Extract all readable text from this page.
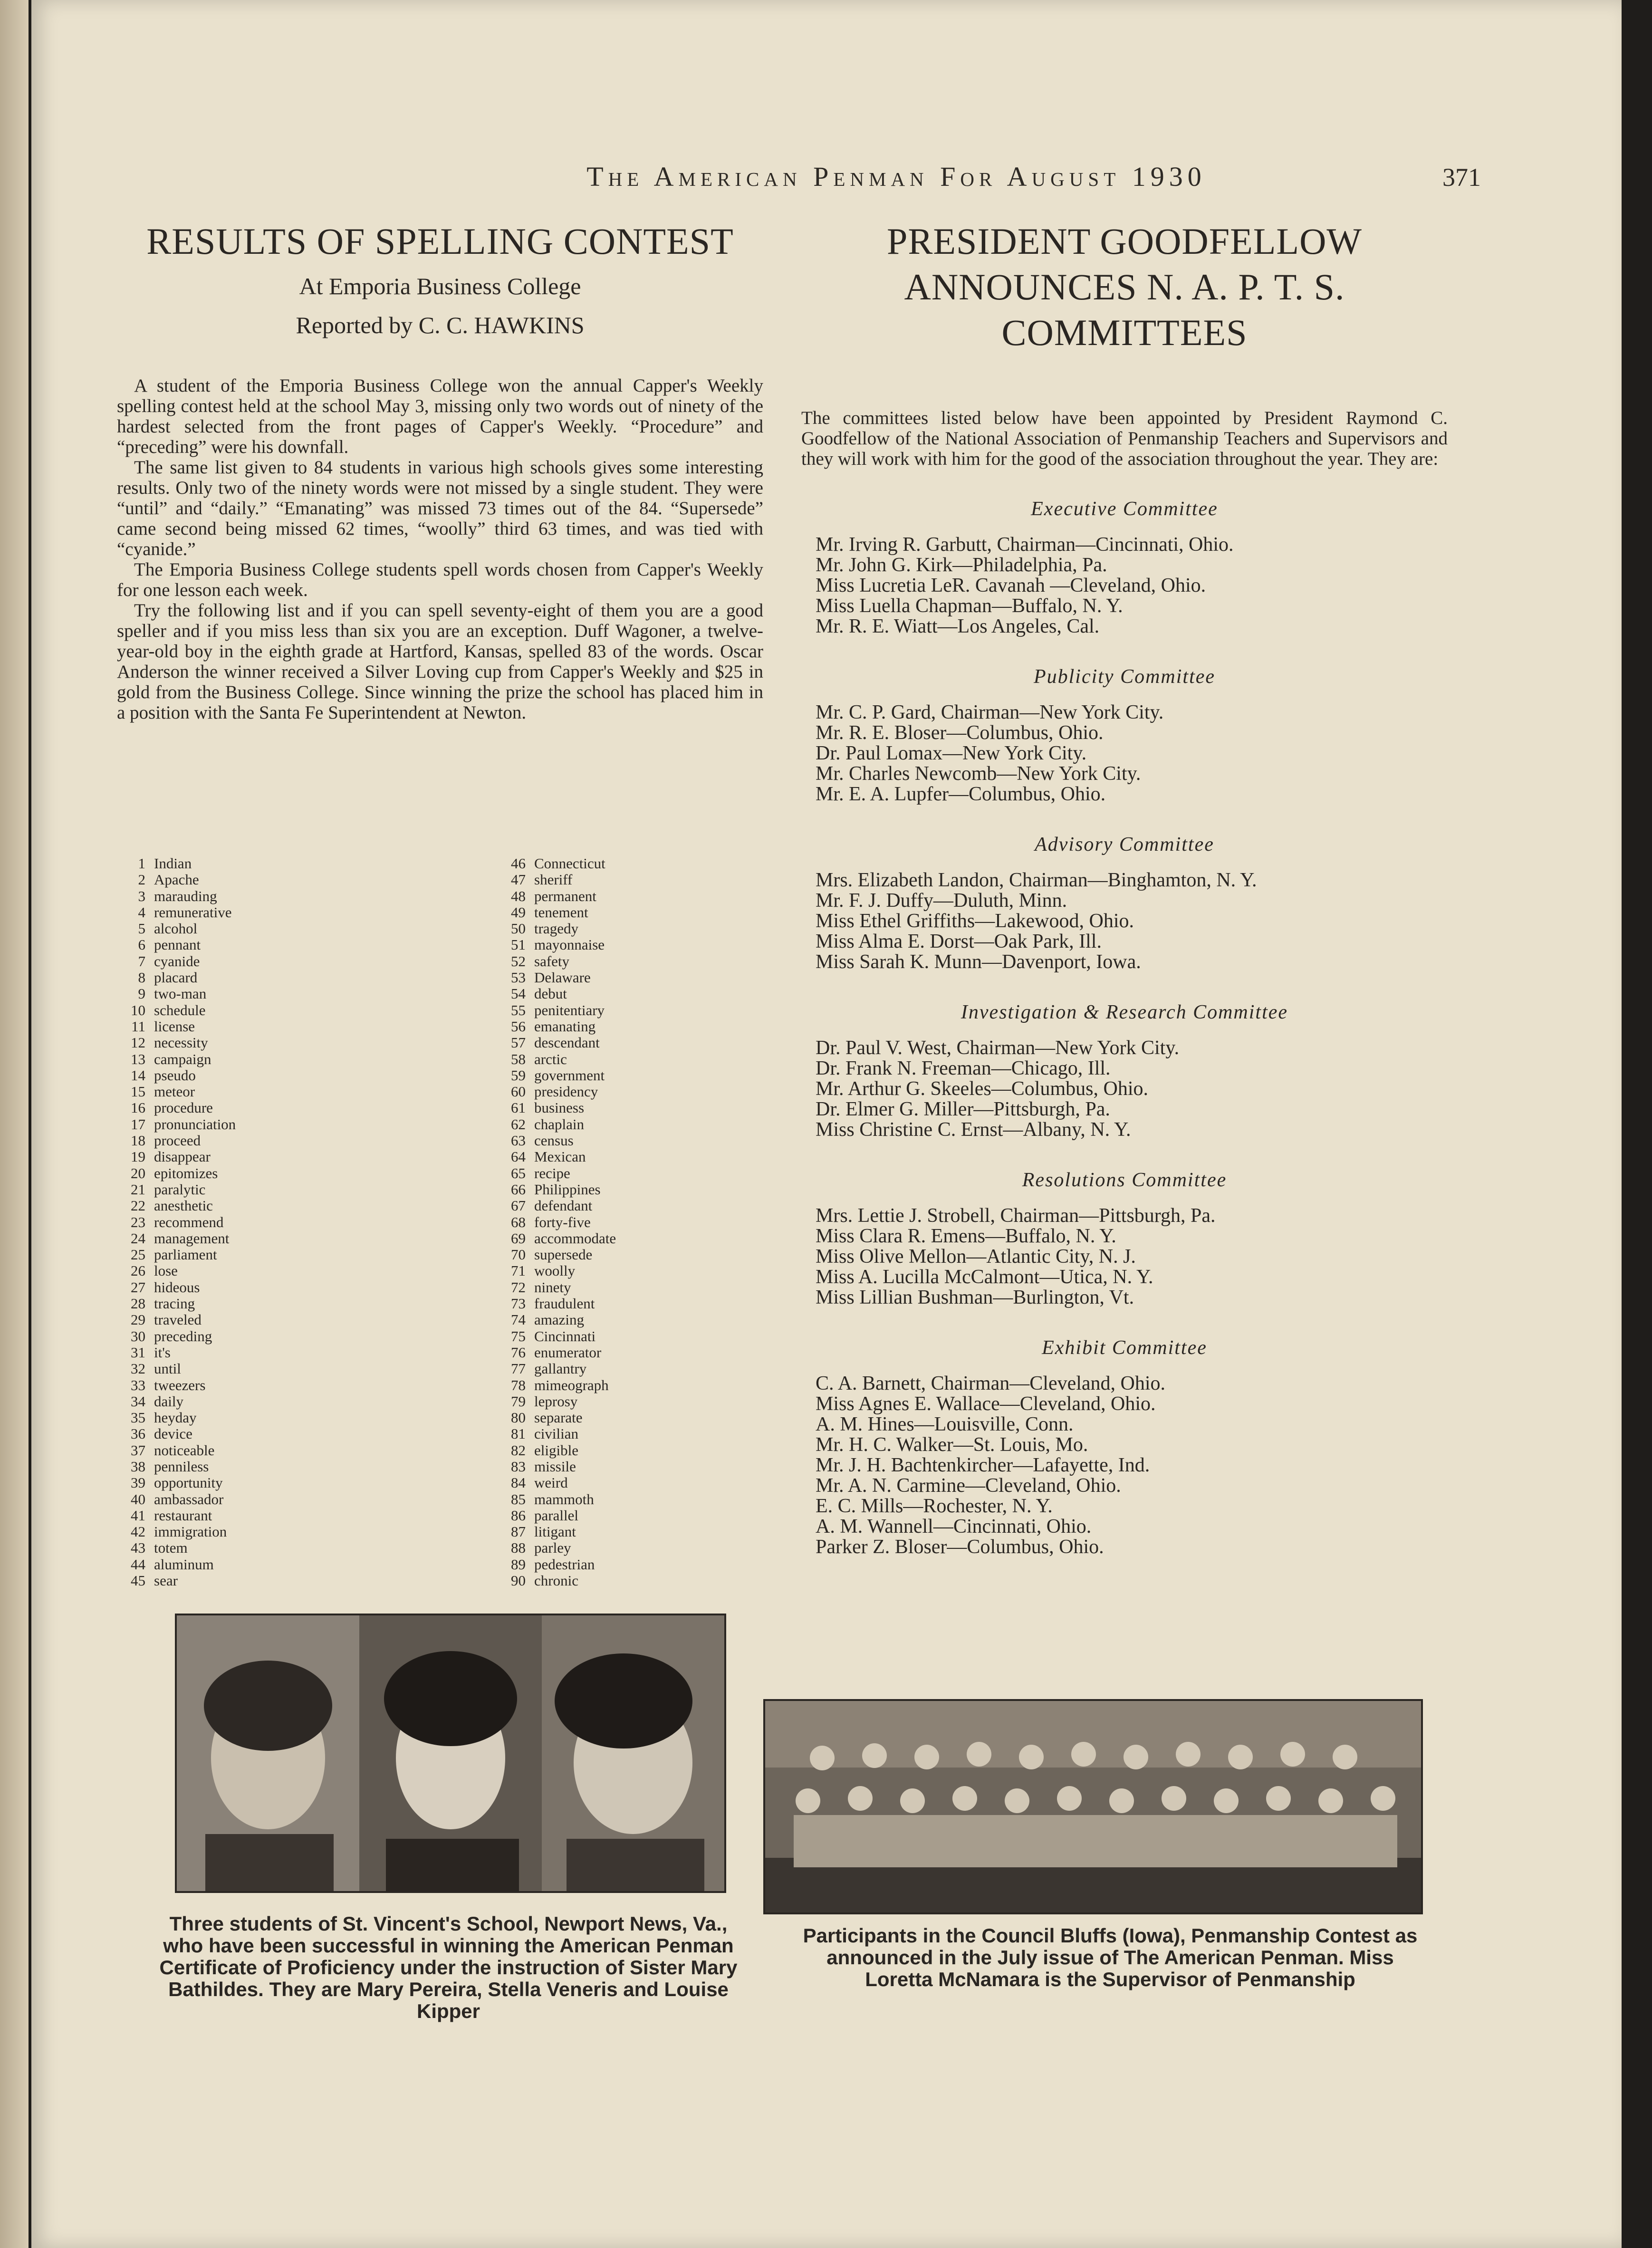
The American Penman For August 1930	371
RESULTS OF SPELLING CONTEST
At Emporia Business College
Reported by C. C. HAWKINS

A student of the Emporia Business College won the annual Capper's Weekly spelling contest held at the school May 3, missing only two words out of ninety of the hardest selected from the front pages of Capper's Weekly. “Procedure” and “preceding” were his downfall.

The same list given to 84 students in various high schools gives some interesting results. Only two of the ninety words were not missed by a single student. They were “until” and “daily.” “Emanating” was missed 73 times out of the 84. “Supersede” came second being missed 62 times, “woolly” third 63 times, and was tied with “cyanide.”

The Emporia Business College students spell words chosen from Capper's Weekly for one lesson each week.

Try the following list and if you can spell seventy-eight of them you are a good speller and if you miss less than six you are an exception. Duff Wagoner, a twelve-year-old boy in the eighth grade at Hartford, Kansas, spelled 83 of the words. Oscar Anderson the winner received a Silver Loving cup from Capper's Weekly and $25 in gold from the Business College. Since winning the prize the school has placed him in a position with the Santa Fe Superintendent at Newton.

1 Indian
2 Apache
3 marauding
4 remunerative
5 alcohol
6 pennant
7 cyanide
8 placard
9 two-man
10 schedule
11 license
12 necessity
13 campaign
14 pseudo
15 meteor
16 procedure
17 pronunciation
18 proceed
19 disappear
20 epitomizes
21 paralytic
22 anesthetic
23 recommend
24 management
25 parliament
26 lose
27 hideous
28 tracing
29 traveled
30 preceding
31 it's
32 until
33 tweezers
34 daily
35 heyday
36 device
37 noticeable
38 penniless
39 opportunity
40 ambassador
41 restaurant
42 immigration
43 totem
44 aluminum
45 sear
46 Connecticut
47 sheriff
48 permanent
49 tenement
50 tragedy
51 mayonnaise
52 safety
53 Delaware
54 debut
55 penitentiary
56 emanating
57 descendant
58 arctic
59 government
60 presidency
61 business
62 chaplain
63 census
64 Mexican
65 recipe
66 Philippines
67 defendant
68 forty-five
69 accommodate
70 supersede
71 woolly
72 ninety
73 fraudulent
74 amazing
75 Cincinnati
76 enumerator
77 gallantry
78 mimeograph
79 leprosy
80 separate
81 civilian
82 eligible
83 missile
84 weird
85 mammoth
86 parallel
87 litigant
88 parley
89 pedestrian
90 chronic
Three students of St. Vincent's School, Newport News, Va., who have been successful in winning the American Penman Certificate of Proficiency under the instruction of Sister Mary Bathildes. They are Mary Pereira, Stella Veneris and Louise Kipper
PRESIDENT GOODFELLOW ANNOUNCES N. A. P. T. S. COMMITTEES
The committees listed below have been appointed by President Raymond C. Goodfellow of the National Association of Penmanship Teachers and Supervisors and they will work with him for the good of the association throughout the year. They are:
Executive Committee
Mr. Irving R. Garbutt, Chairman—Cincinnati, Ohio.
Mr. John G. Kirk—Philadelphia, Pa.
Miss Lucretia LeR. Cavanah —Cleveland, Ohio.
Miss Luella Chapman—Buffalo, N. Y.
Mr. R. E. Wiatt—Los Angeles, Cal.
Publicity Committee
Mr. C. P. Gard, Chairman—New York City.
Mr. R. E. Bloser—Columbus, Ohio.
Dr. Paul Lomax—New York City.
Mr. Charles Newcomb—New York City.
Mr. E. A. Lupfer—Columbus, Ohio.
Advisory Committee
Mrs. Elizabeth Landon, Chairman—Binghamton, N. Y.
Mr. F. J. Duffy—Duluth, Minn.
Miss Ethel Griffiths—Lakewood, Ohio.
Miss Alma E. Dorst—Oak Park, Ill.
Miss Sarah K. Munn—Davenport, Iowa.
Investigation & Research Committee
Dr. Paul V. West, Chairman—New York City.
Dr. Frank N. Freeman—Chicago, Ill.
Mr. Arthur G. Skeeles—Columbus, Ohio.
Dr. Elmer G. Miller—Pittsburgh, Pa.
Miss Christine C. Ernst—Albany, N. Y.
Resolutions Committee
Mrs. Lettie J. Strobell, Chairman—Pittsburgh, Pa.
Miss Clara R. Emens—Buffalo, N. Y.
Miss Olive Mellon—Atlantic City, N. J.
Miss A. Lucilla McCalmont—Utica, N. Y.
Miss Lillian Bushman—Burlington, Vt.
Exhibit Committee
C. A. Barnett, Chairman—Cleveland, Ohio.
Miss Agnes E. Wallace—Cleveland, Ohio.
A. M. Hines—Louisville, Conn.
Mr. H. C. Walker—St. Louis, Mo.
Mr. J. H. Bachtenkircher—Lafayette, Ind.
Mr. A. N. Carmine—Cleveland, Ohio.
E. C. Mills—Rochester, N. Y.
A. M. Wannell—Cincinnati, Ohio.
Parker Z. Bloser—Columbus, Ohio.
Participants in the Council Bluffs (Iowa), Penmanship Contest as announced in the July issue of The American Penman. Miss Loretta McNamara is the Supervisor of Penmanship
